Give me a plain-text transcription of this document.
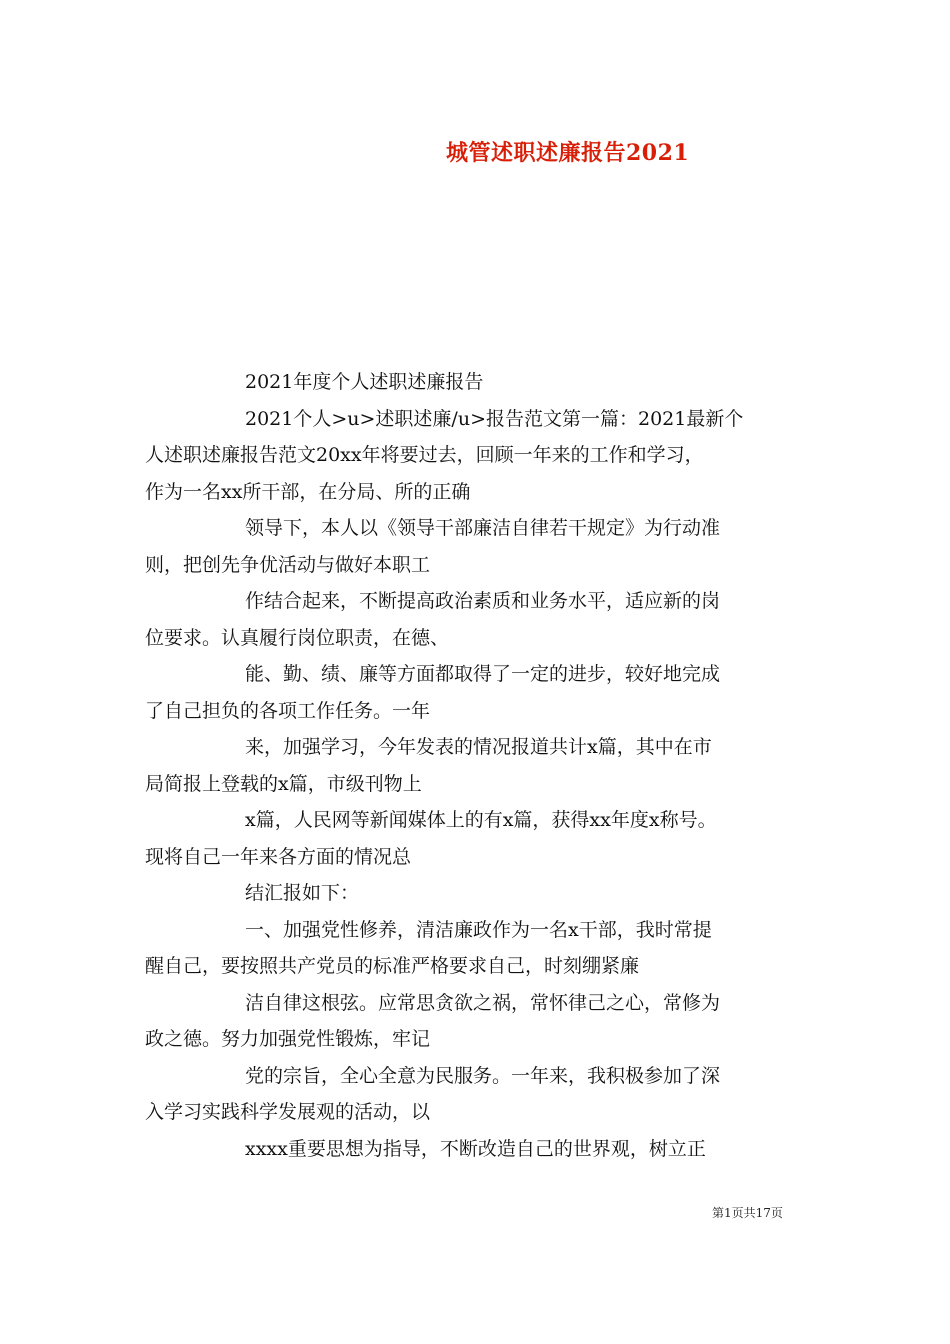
城管述职述廉报告2021
2021年度个人述职述廉报告
2021个人>u>述职述廉/u>报告范文第一篇：2021最新个
人述职述廉报告范文20xx年将要过去，回顾一年来的工作和学习，
作为一名xx所干部，在分局、所的正确
领导下，本人以《领导干部廉洁自律若干规定》为行动准
则，把创先争优活动与做好本职工
作结合起来，不断提高政治素质和业务水平，适应新的岗
位要求。认真履行岗位职责，在德、
能、勤、绩、廉等方面都取得了一定的进步，较好地完成
了自己担负的各项工作任务。一年
来，加强学习，今年发表的情况报道共计x篇，其中在市
局简报上登载的x篇，市级刊物上
x篇，人民网等新闻媒体上的有x篇，获得xx年度x称号。
现将自己一年来各方面的情况总
结汇报如下：
一、加强党性修养，清洁廉政作为一名x干部，我时常提
醒自己，要按照共产党员的标准严格要求自己，时刻绷紧廉
洁自律这根弦。应常思贪欲之祸，常怀律己之心，常修为
政之德。努力加强党性锻炼，牢记
党的宗旨，全心全意为民服务。一年来，我积极参加了深
入学习实践科学发展观的活动，以
xxxx重要思想为指导，不断改造自己的世界观，树立正
第1页共17页
